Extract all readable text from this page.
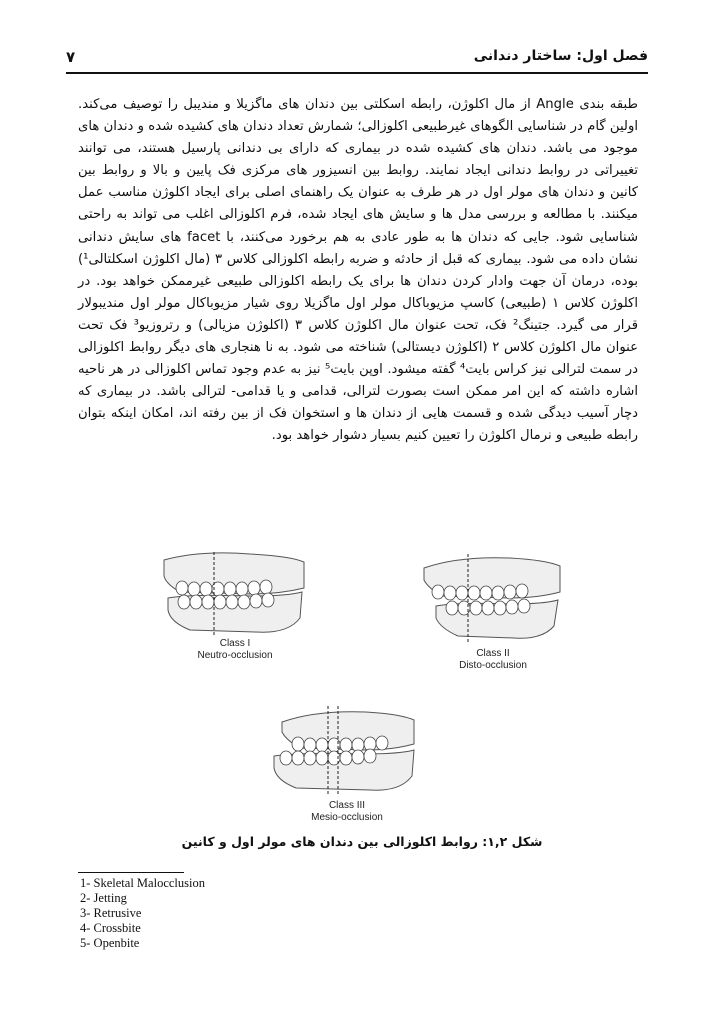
٧	فصل اول: ساختار دندانی

طبقه بندی Angle از مال اکلوژن، رابطه اسکلتی بین دندان های ماگزیلا و مندیبل را توصیف می‌کند. اولین گام در شناسایی الگوهای غیرطبیعی اکلوزالی؛ شمارش تعداد دندان های کشیده شده و دندان های موجود می باشد. دندان های کشیده شده در بیماری که دارای بی دندانی پارسیل هستند، می توانند تغییراتی در روابط دندانی ایجاد نمایند. روابط بین انسیزور های مرکزی فک پایین و بالا و روابط بین کانین و دندان های مولر اول در هر طرف به عنوان یک راهنمای اصلی برای ایجاد اکلوژن مناسب عمل میکنند. با مطالعه و بررسی مدل ها و سایش های ایجاد شده، فرم اکلوزالی اغلب می تواند به راحتی شناسایی شود. جایی که دندان ها به طور عادی به هم برخورد می‌کنند، با facet های سایش دندانی نشان داده می شود. بیماری که قبل از حادثه و ضربه رابطه اکلوزالی کلاس ۳ (مال اکلوژن اسکلتالی¹) بوده، درمان آن جهت وادار کردن دندان ها برای یک رابطه اکلوزالی طبیعی غیرممکن خواهد بود. در اکلوژن کلاس ۱ (طبیعی) کاسپ مزیوباکال مولر اول ماگزیلا روی شیار مزیوباکال مولر اول مندیبولار قرار می گیرد. جتینگ² فک، تحت عنوان مال اکلوژن کلاس ۳ (اکلوژن مزیالی) و رتروزیو³ فک تحت عنوان مال اکلوژن کلاس ۲ (اکلوژن دیستالی) شناخته می شود. به نا هنجاری های دیگر روابط اکلوزالی در سمت لترالی نیز کراس بایت⁴ گفته میشود. اوپن بایت⁵ نیز به عدم وجود تماس اکلوزالی در هر ناحیه اشاره داشته که این امر ممکن است بصورت لترالی، قدامی و یا قدامی- لترالی باشد. در بیماری که دچار آسیب دیدگی شده و قسمت هایی از دندان ها و استخوان فک از بین رفته اند، امکان اینکه بتوان رابطه طبیعی و نرمال اکلوژن را تعیین کنیم بسیار دشوار خواهد بود.

Class I
Neutro-occlusion	Class II
Disto-occlusion
Class III
Mesio-occlusion
شکل ۱,۲: روابط اکلوزالی بین دندان های مولر اول و کانین
1- Skeletal Malocclusion
2- Jetting
3- Retrusive
4- Crossbite
5- Openbite
